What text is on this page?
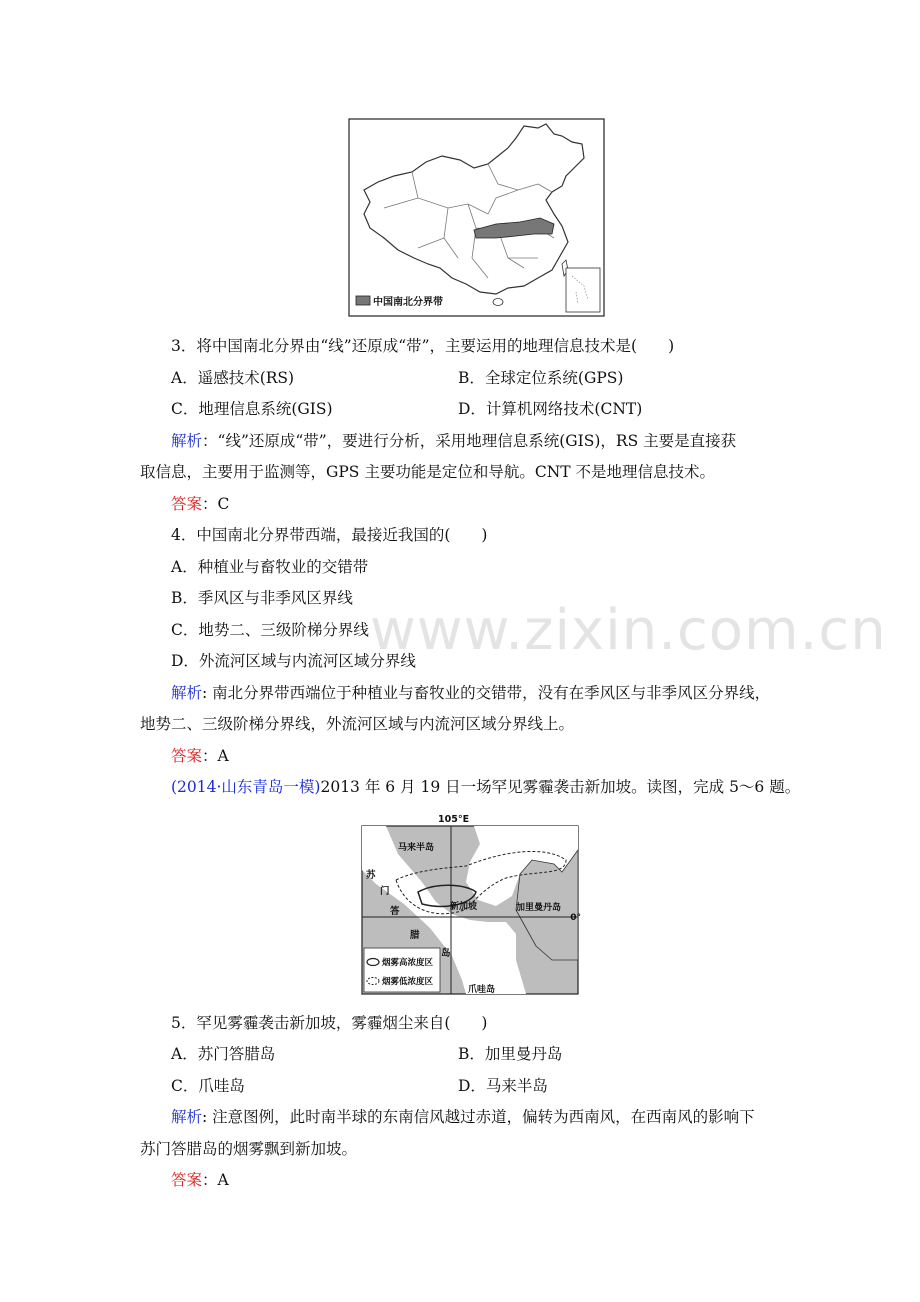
中国南北分界带
3．将中国南北分界由“线”还原成“带”，主要运用的地理信息技术是(　　)
A．遥感技术(RS)	B．全球定位系统(GPS)
C．地理信息系统(GIS)	D．计算机网络技术(CNT)
解析：“线”还原成“带”，要进行分析，采用地理信息系统(GIS)，RS 主要是直接获
取信息，主要用于监测等，GPS 主要功能是定位和导航。CNT 不是地理信息技术。
答案：C
4．中国南北分界带西端，最接近我国的(　　)
A．种植业与畜牧业的交错带
B．季风区与非季风区界线
C．地势二、三级阶梯分界线
D．外流河区域与内流河区域分界线
解析: 南北分界带西端位于种植业与畜牧业的交错带，没有在季风区与非季风区分界线，
地势二、三级阶梯分界线，外流河区域与内流河区域分界线上。
答案：A
(2014·山东青岛一模)2013 年 6 月 19 日一场罕见雾霾袭击新加坡。读图，完成 5～6 题。
105°E
马来半岛
苏
门
答
腊
岛
新加坡	加里曼丹岛
0°
爪哇岛
烟雾高浓度区
烟雾低浓度区
5．罕见雾霾袭击新加坡，雾霾烟尘来自(　　)
A．苏门答腊岛	B．加里曼丹岛
C．爪哇岛	D．马来半岛
解析: 注意图例，此时南半球的东南信风越过赤道，偏转为西南风，在西南风的影响下
苏门答腊岛的烟雾飘到新加坡。
答案：A
www.zixin.com.cn
